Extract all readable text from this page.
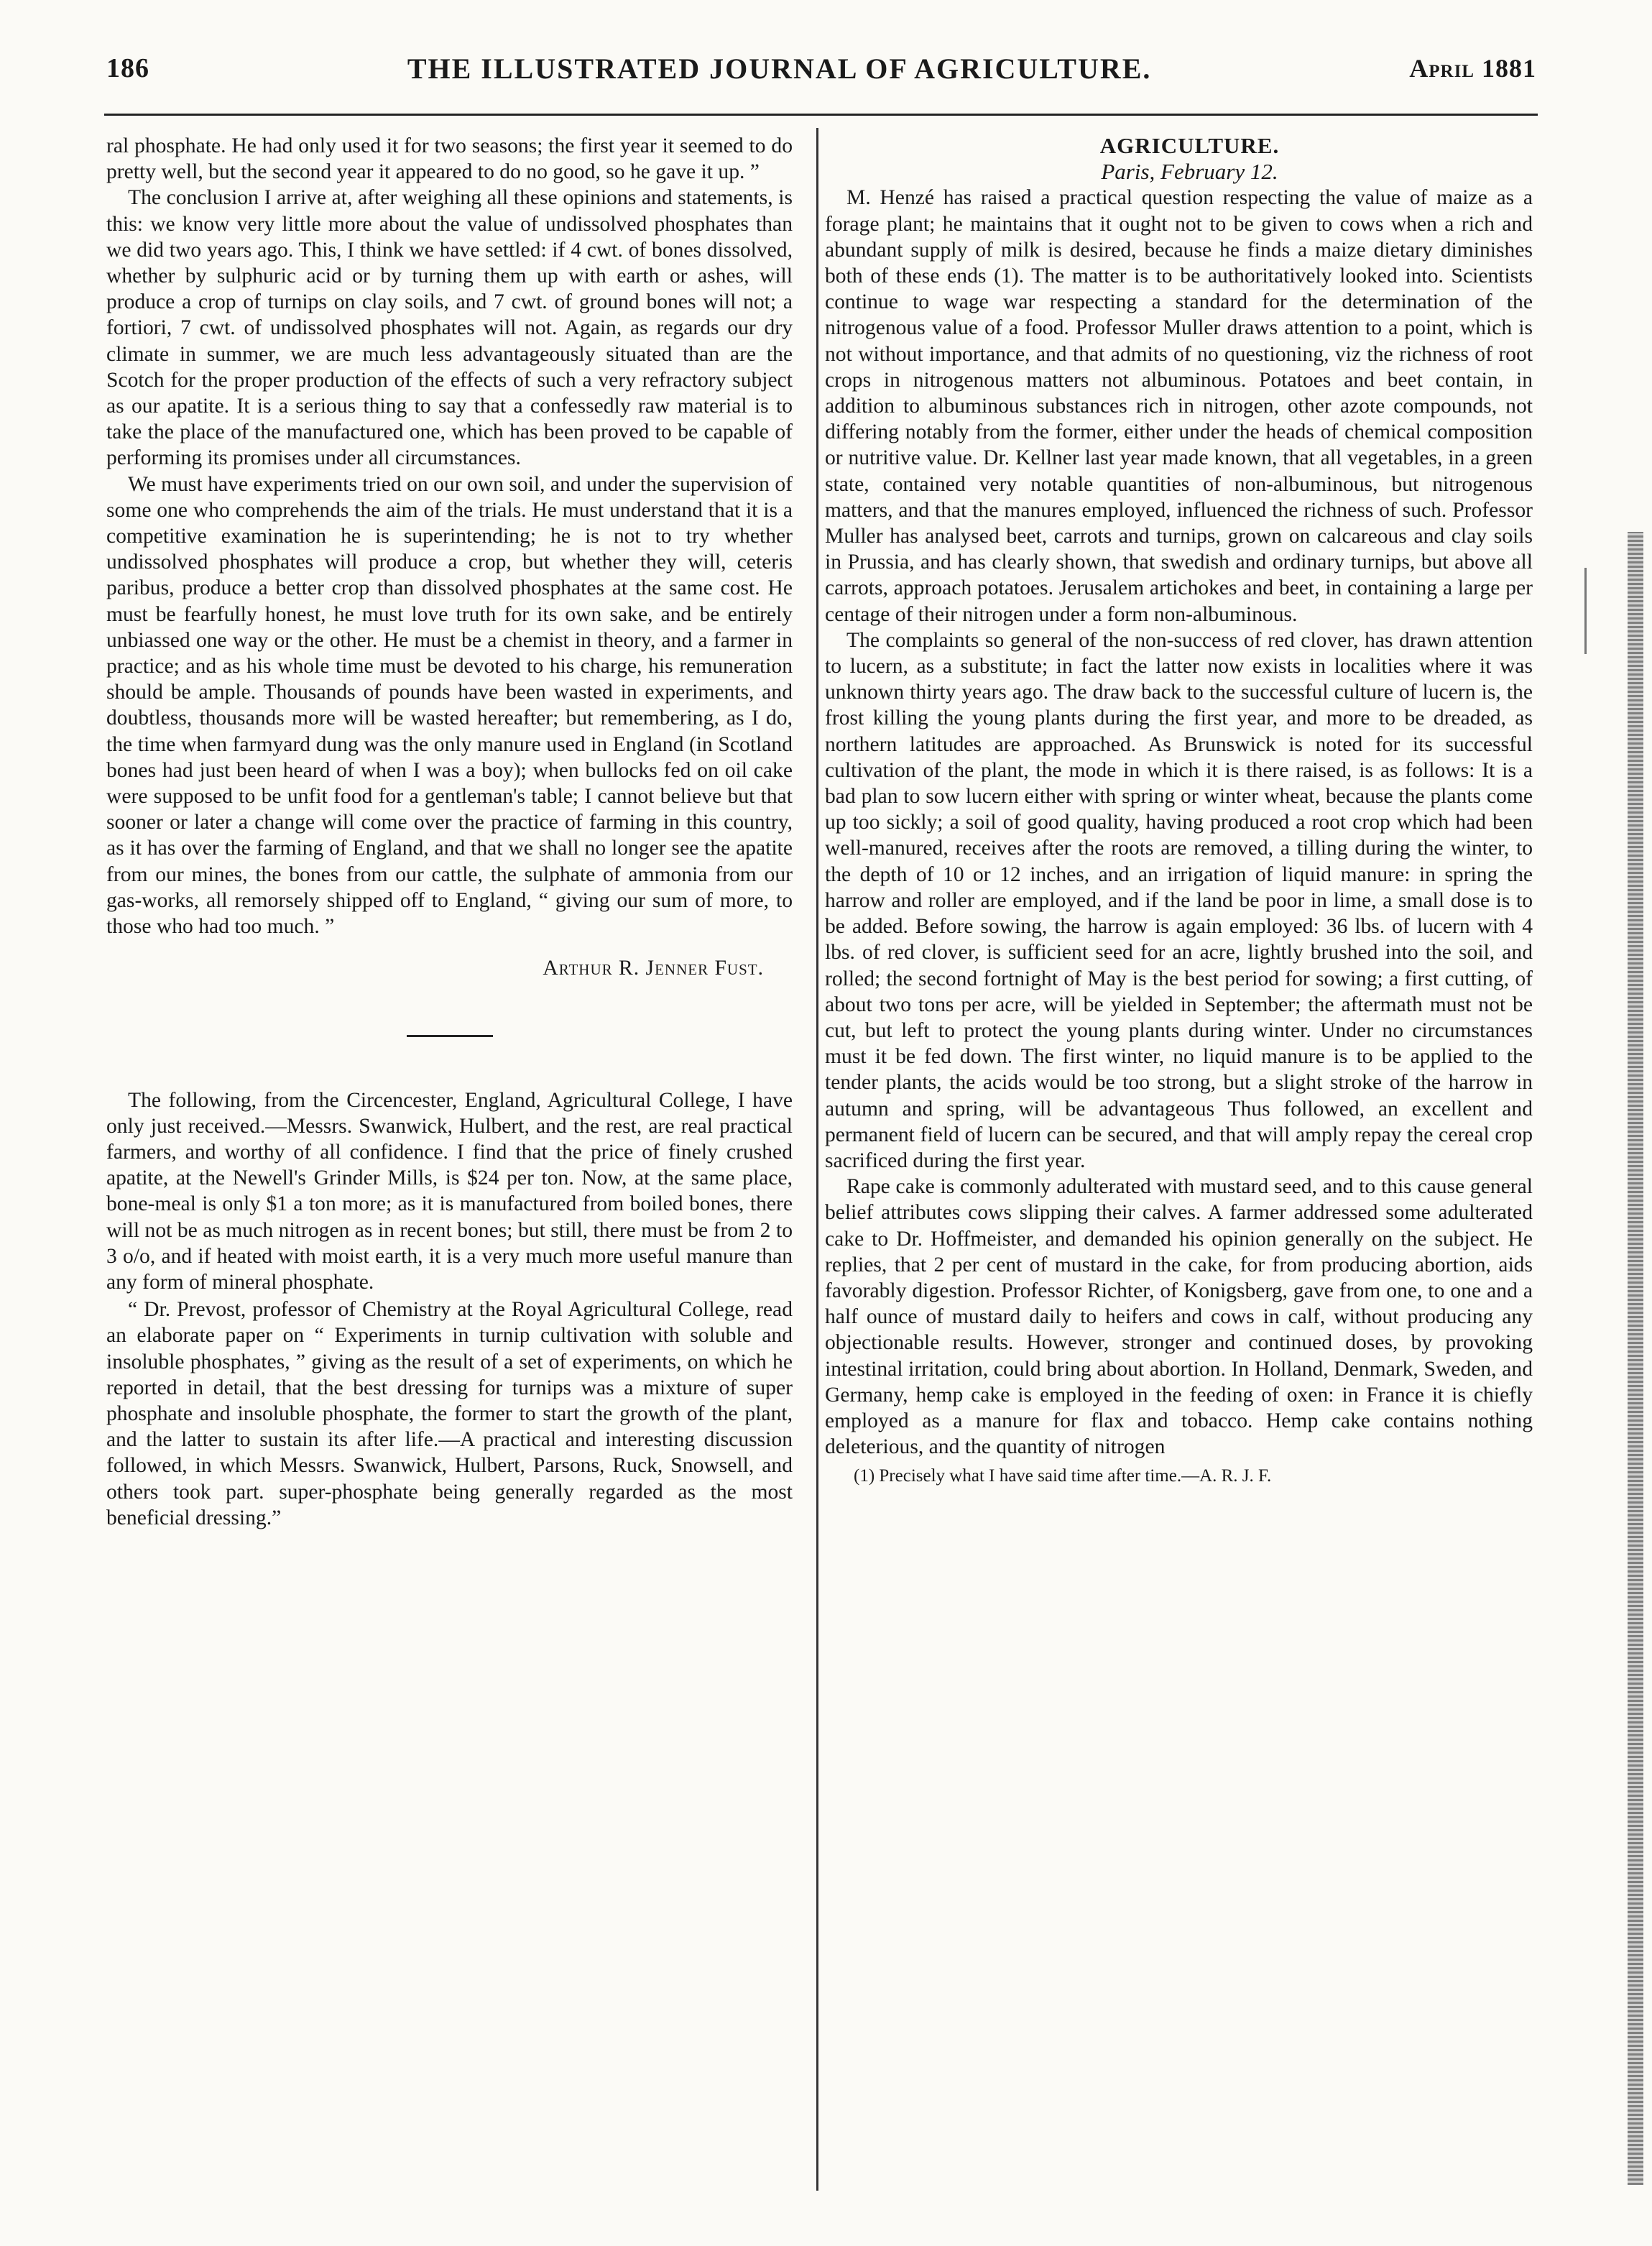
186	THE ILLUSTRATED JOURNAL OF AGRICULTURE.	April 1881

ral phosphate. He had only used it for two seasons; the first year it seemed to do pretty well, but the second year it appeared to do no good, so he gave it up. ”

The conclusion I arrive at, after weighing all these opinions and statements, is this: we know very little more about the value of undissolved phosphates than we did two years ago. This, I think we have settled: if 4 cwt. of bones dissolved, whether by sulphuric acid or by turning them up with earth or ashes, will produce a crop of turnips on clay soils, and 7 cwt. of ground bones will not; a fortiori, 7 cwt. of undissolved phosphates will not. Again, as regards our dry climate in summer, we are much less advantageously situated than are the Scotch for the proper production of the effects of such a very refractory subject as our apatite. It is a serious thing to say that a confessedly raw material is to take the place of the manufactured one, which has been proved to be capable of performing its promises under all circumstances.

We must have experiments tried on our own soil, and under the supervision of some one who comprehends the aim of the trials. He must understand that it is a competitive examination he is superintending; he is not to try whether undissolved phosphates will produce a crop, but whether they will, ceteris paribus, produce a better crop than dissolved phosphates at the same cost. He must be fearfully honest, he must love truth for its own sake, and be entirely unbiassed one way or the other. He must be a chemist in theory, and a farmer in practice; and as his whole time must be devoted to his charge, his remuneration should be ample. Thousands of pounds have been wasted in experiments, and doubtless, thousands more will be wasted hereafter; but remembering, as I do, the time when farmyard dung was the only manure used in England (in Scotland bones had just been heard of when I was a boy); when bullocks fed on oil cake were supposed to be unfit food for a gentleman's table; I cannot believe but that sooner or later a change will come over the practice of farming in this country, as it has over the farming of England, and that we shall no longer see the apatite from our mines, the bones from our cattle, the sulphate of ammonia from our gas-works, all remorsely shipped off to England, “ giving our sum of more, to those who had too much. ”

Arthur R. Jenner Fust.

The following, from the Circencester, England, Agricultural College, I have only just received.—Messrs. Swanwick, Hulbert, and the rest, are real practical farmers, and worthy of all confidence. I find that the price of finely crushed apatite, at the Newell's Grinder Mills, is $24 per ton. Now, at the same place, bone-meal is only $1 a ton more; as it is manufactured from boiled bones, there will not be as much nitrogen as in recent bones; but still, there must be from 2 to 3 o/o, and if heated with moist earth, it is a very much more useful manure than any form of mineral phosphate.

“ Dr. Prevost, professor of Chemistry at the Royal Agricultural College, read an elaborate paper on “ Experiments in turnip cultivation with soluble and insoluble phosphates, ” giving as the result of a set of experiments, on which he reported in detail, that the best dressing for turnips was a mixture of super phosphate and insoluble phosphate, the former to start the growth of the plant, and the latter to sustain its after life.—A practical and interesting discussion followed, in which Messrs. Swanwick, Hulbert, Parsons, Ruck, Snowsell, and others took part. super-phosphate being generally regarded as the most beneficial dressing.”

AGRICULTURE.

Paris, February 12.

M. Henzé has raised a practical question respecting the value of maize as a forage plant; he maintains that it ought not to be given to cows when a rich and abundant supply of milk is desired, because he finds a maize dietary diminishes both of these ends (1). The matter is to be authoritatively looked into. Scientists continue to wage war respecting a standard for the determination of the nitrogenous value of a food. Professor Muller draws attention to a point, which is not without importance, and that admits of no questioning, viz the richness of root crops in nitrogenous matters not albuminous. Potatoes and beet contain, in addition to albuminous substances rich in nitrogen, other azote compounds, not differing notably from the former, either under the heads of chemical composition or nutritive value. Dr. Kellner last year made known, that all vegetables, in a green state, contained very notable quantities of non-albuminous, but nitrogenous matters, and that the manures employed, influenced the richness of such. Professor Muller has analysed beet, carrots and turnips, grown on calcareous and clay soils in Prussia, and has clearly shown, that swedish and ordinary turnips, but above all carrots, approach potatoes. Jerusalem artichokes and beet, in containing a large per centage of their nitrogen under a form non-albuminous.

The complaints so general of the non-success of red clover, has drawn attention to lucern, as a substitute; in fact the latter now exists in localities where it was unknown thirty years ago. The draw back to the successful culture of lucern is, the frost killing the young plants during the first year, and more to be dreaded, as northern latitudes are approached. As Brunswick is noted for its successful cultivation of the plant, the mode in which it is there raised, is as follows: It is a bad plan to sow lucern either with spring or winter wheat, because the plants come up too sickly; a soil of good quality, having produced a root crop which had been well-manured, receives after the roots are removed, a tilling during the winter, to the depth of 10 or 12 inches, and an irrigation of liquid manure: in spring the harrow and roller are employed, and if the land be poor in lime, a small dose is to be added. Before sowing, the harrow is again employed: 36 lbs. of lucern with 4 lbs. of red clover, is sufficient seed for an acre, lightly brushed into the soil, and rolled; the second fortnight of May is the best period for sowing; a first cutting, of about two tons per acre, will be yielded in September; the aftermath must not be cut, but left to protect the young plants during winter. Under no circumstances must it be fed down. The first winter, no liquid manure is to be applied to the tender plants, the acids would be too strong, but a slight stroke of the harrow in autumn and spring, will be advantageous Thus followed, an excellent and permanent field of lucern can be secured, and that will amply repay the cereal crop sacrificed during the first year.

Rape cake is commonly adulterated with mustard seed, and to this cause general belief attributes cows slipping their calves. A farmer addressed some adulterated cake to Dr. Hoffmeister, and demanded his opinion generally on the subject. He replies, that 2 per cent of mustard in the cake, for from producing abortion, aids favorably digestion. Professor Richter, of Konigsberg, gave from one, to one and a half ounce of mustard daily to heifers and cows in calf, without producing any objectionable results. However, stronger and continued doses, by provoking intestinal irritation, could bring about abortion. In Holland, Denmark, Sweden, and Germany, hemp cake is employed in the feeding of oxen: in France it is chiefly employed as a manure for flax and tobacco. Hemp cake contains nothing deleterious, and the quantity of nitrogen

(1) Precisely what I have said time after time.—A. R. J. F.
